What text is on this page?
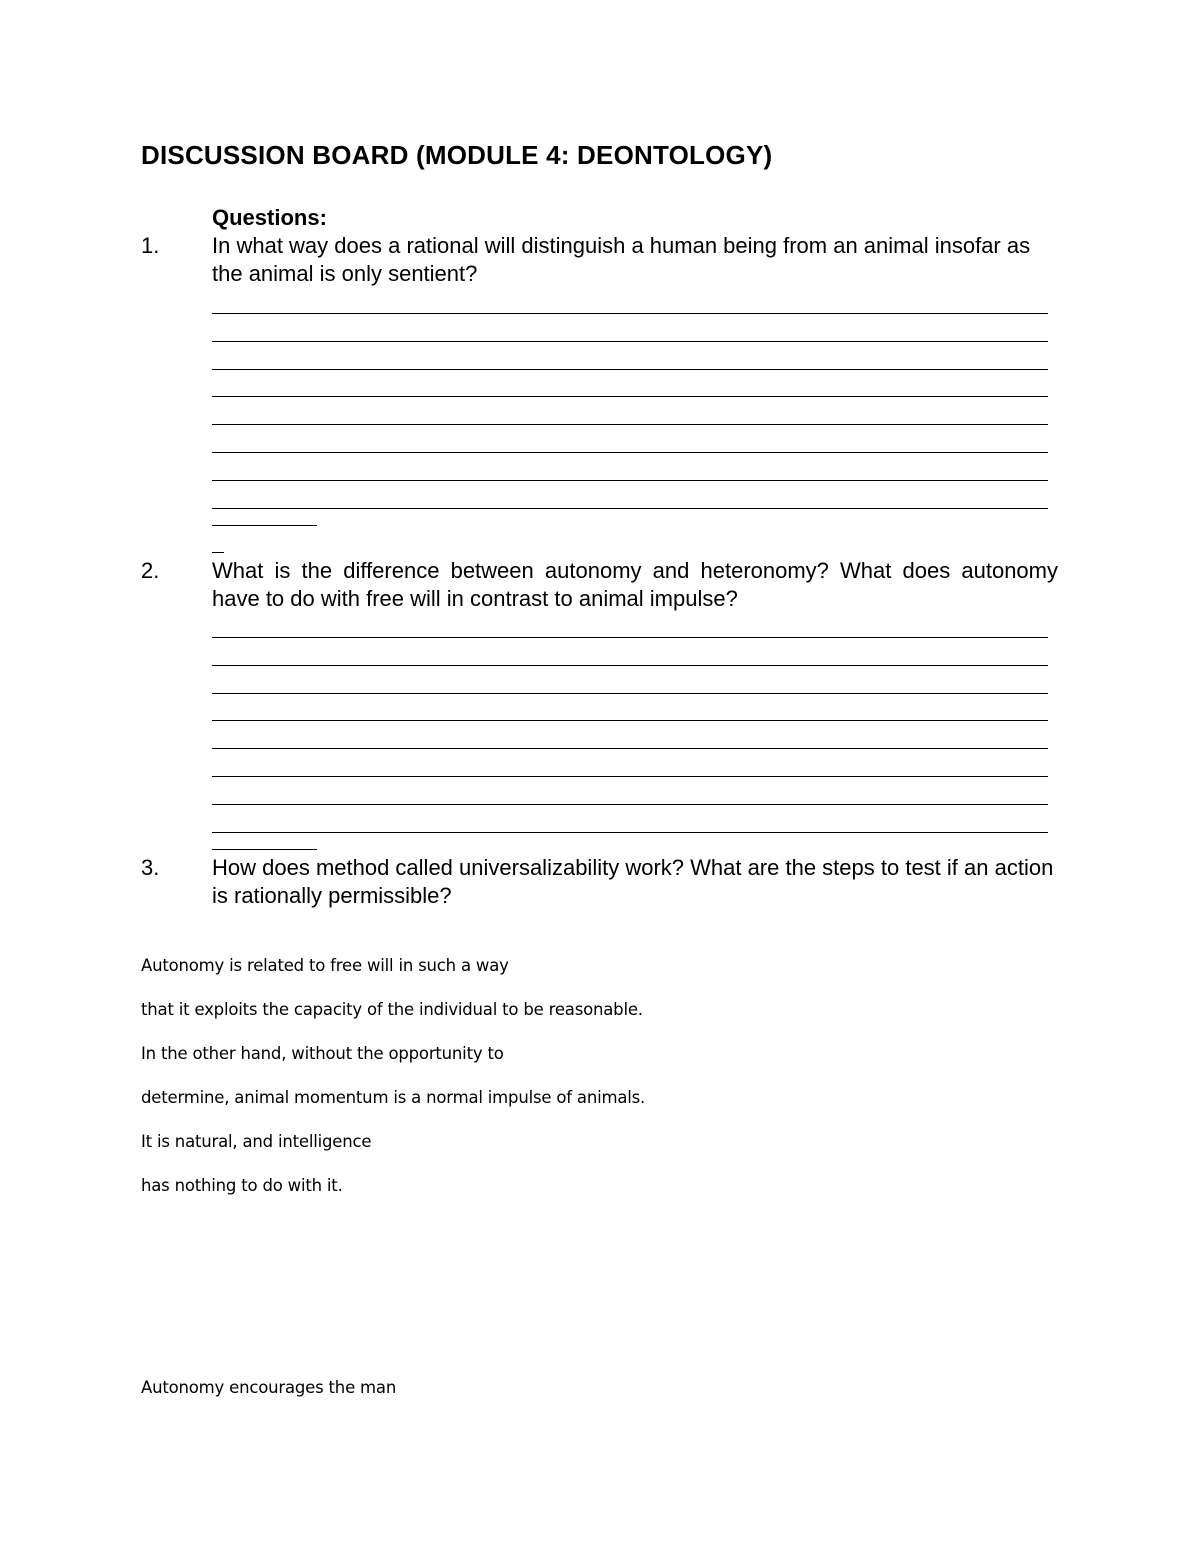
DISCUSSION BOARD (MODULE 4: DEONTOLOGY)
Questions:
1. In what way does a rational will distinguish a human being from an animal insofar as the animal is only sentient?
2. What is the difference between autonomy and heteronomy? What does autonomy have to do with free will in contrast to animal impulse?
3. How does method called universalizability work? What are the steps to test if an action is rationally permissible?
Autonomy is related to free will in such a way
that it exploits the capacity of the individual to be reasonable.
In the other hand, without the opportunity to
determine, animal momentum is a normal impulse of animals.
It is natural, and intelligence
has nothing to do with it.
Autonomy encourages the man
